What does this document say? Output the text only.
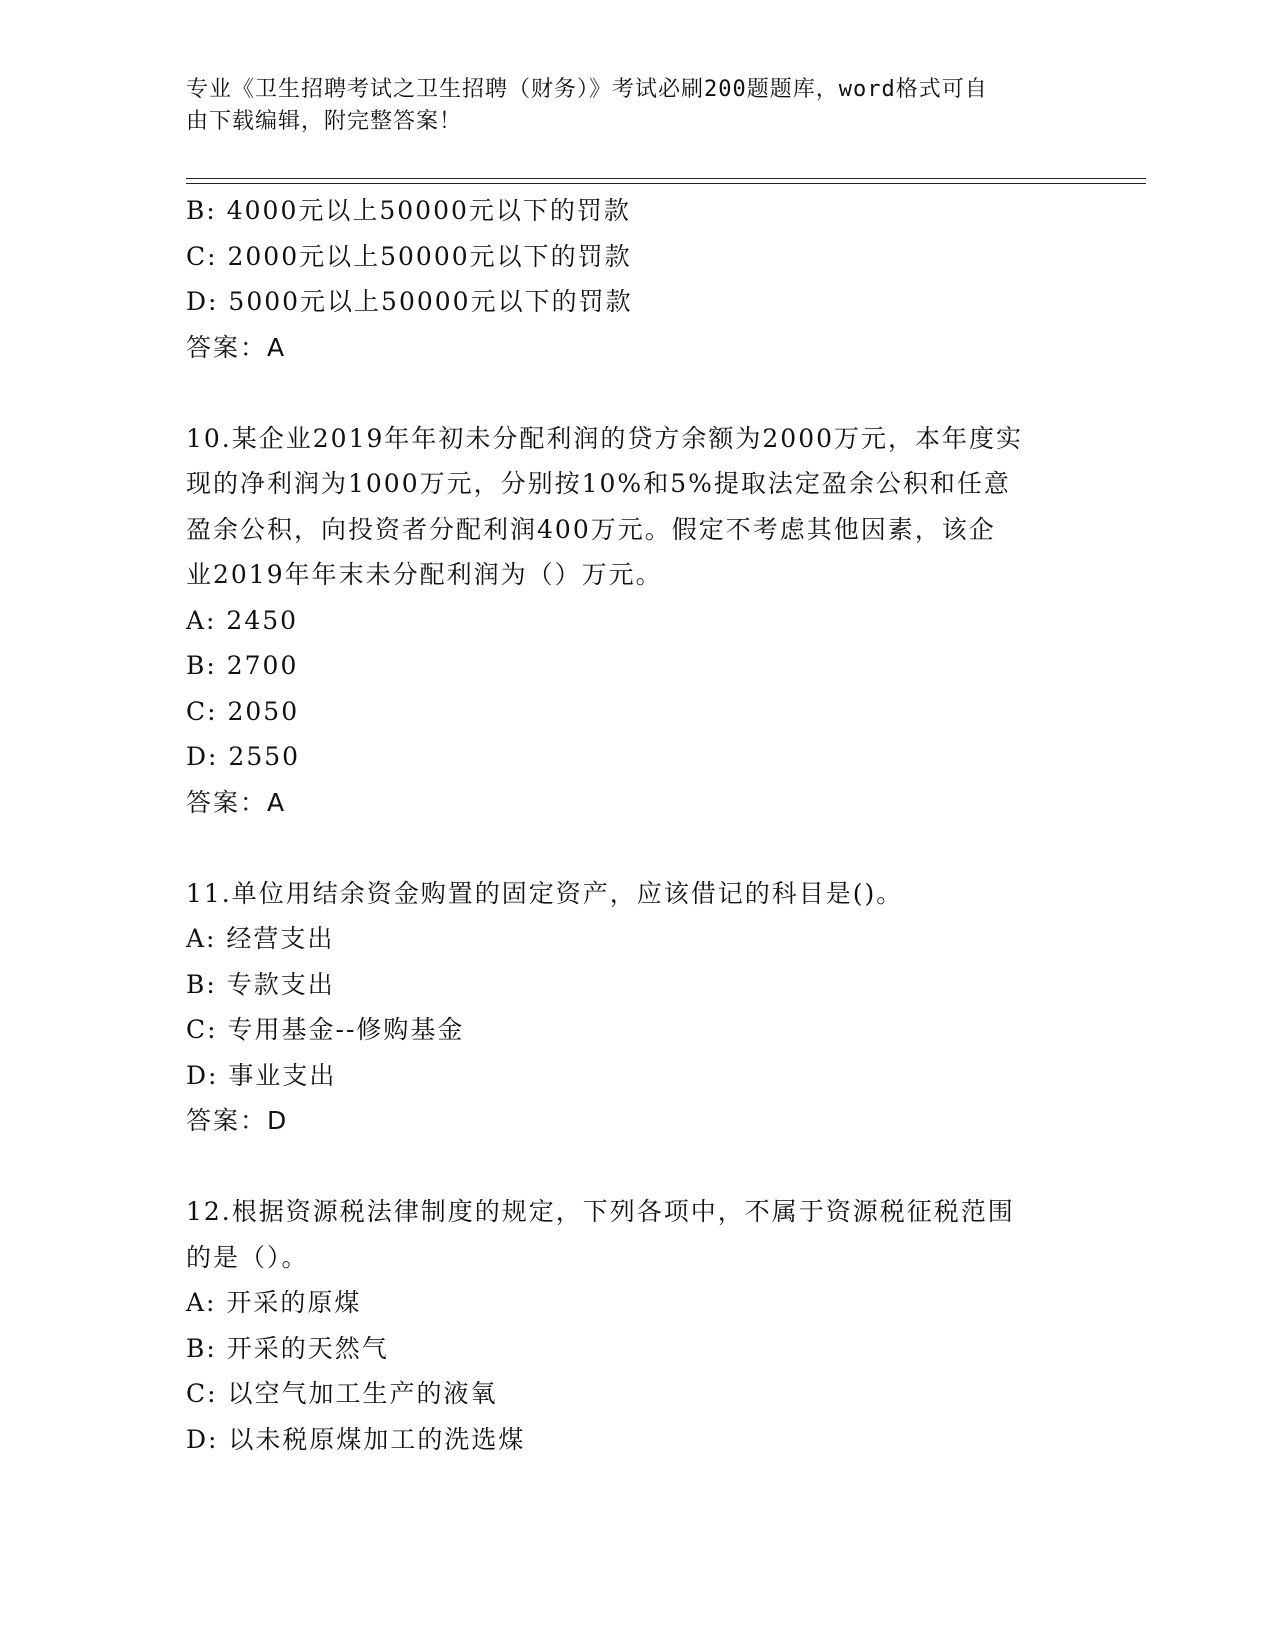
专业《卫生招聘考试之卫生招聘（财务）》考试必刷200题题库，word格式可自
由下载编辑，附完整答案！
B: 4000元以上50000元以下的罚款
C: 2000元以上50000元以下的罚款
D: 5000元以上50000元以下的罚款
答案：A
10.某企业2019年年初未分配利润的贷方余额为2000万元，本年度实
现的净利润为1000万元，分别按10%和5%提取法定盈余公积和任意
盈余公积，向投资者分配利润400万元。假定不考虑其他因素，该企
业2019年年末未分配利润为（）万元。
A: 2450
B: 2700
C: 2050
D: 2550
答案：A
11.单位用结余资金购置的固定资产，应该借记的科目是()。
A: 经营支出
B: 专款支出
C: 专用基金--修购基金
D: 事业支出
答案：D
12.根据资源税法律制度的规定，下列各项中，不属于资源税征税范围
的是（）。
A: 开采的原煤
B: 开采的天然气
C: 以空气加工生产的液氧
D: 以未税原煤加工的洗选煤
